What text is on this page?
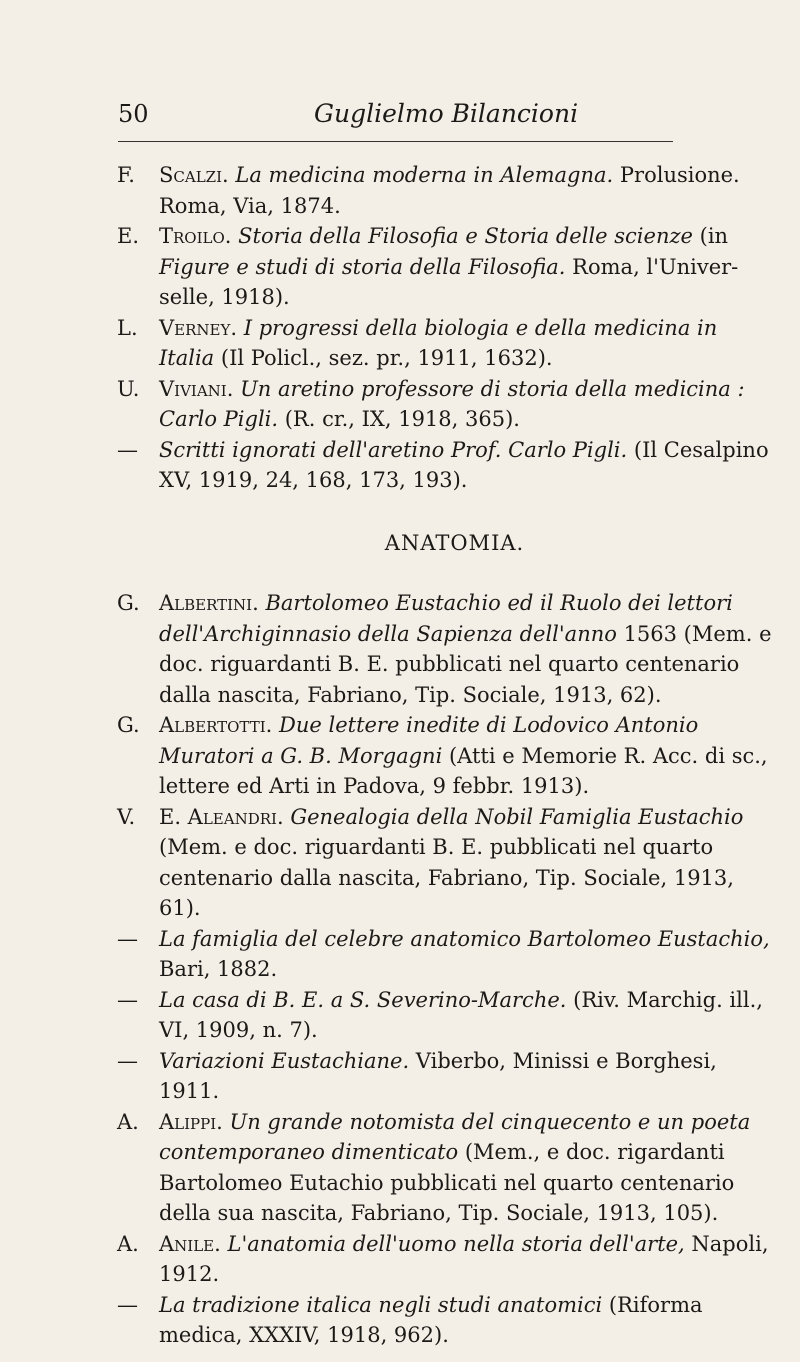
50	Guglielmo Bilancioni
F. Scalzi. La medicina moderna in Alemagna. Prolusione. Roma, Via, 1874.
E. Troilo. Storia della Filosofia e Storia delle scienze (in Figure e studi di storia della Filosofia. Roma, l'Univer-selle, 1918).
L. Verney. I progressi della biologia e della medicina in Italia (Il Policl., sez. pr., 1911, 1632).
U. Viviani. Un aretino professore di storia della medicina : Carlo Pigli. (R. cr., IX, 1918, 365).
— Scritti ignorati dell'aretino Prof. Carlo Pigli. (Il Cesalpino XV, 1919, 24, 168, 173, 193).
ANATOMIA.
G. Albertini. Bartolomeo Eustachio ed il Ruolo dei lettori dell'Archiginnasio della Sapienza dell'anno 1563 (Mem. e doc. riguardanti B. E. pubblicati nel quarto centenario dalla nascita, Fabriano, Tip. Sociale, 1913, 62).
G. Albertotti. Due lettere inedite di Lodovico Antonio Muratori a G. B. Morgagni (Atti e Memorie R. Acc. di sc., lettere ed Arti in Padova, 9 febbr. 1913).
V. E. Aleandri. Genealogia della Nobil Famiglia Eustachio (Mem. e doc. riguardanti B. E. pubblicati nel quarto centenario dalla nascita, Fabriano, Tip. Sociale, 1913, 61).
— La famiglia del celebre anatomico Bartolomeo Eustachio, Bari, 1882.
— La casa di B. E. a S. Severino-Marche. (Riv. Marchig. ill., VI, 1909, n. 7).
— Variazioni Eustachiane. Viberbo, Minissi e Borghesi, 1911.
A. Alippi. Un grande notomista del cinquecento e un poeta contemporaneo dimenticato (Mem., e doc. rigardanti Bartolomeo Eutachio pubblicati nel quarto centenario della sua nascita, Fabriano, Tip. Sociale, 1913, 105).
A. Anile. L'anatomia dell'uomo nella storia dell'arte, Napoli, 1912.
— La tradizione italica negli studi anatomici (Riforma medica, XXXIV, 1918, 962).
